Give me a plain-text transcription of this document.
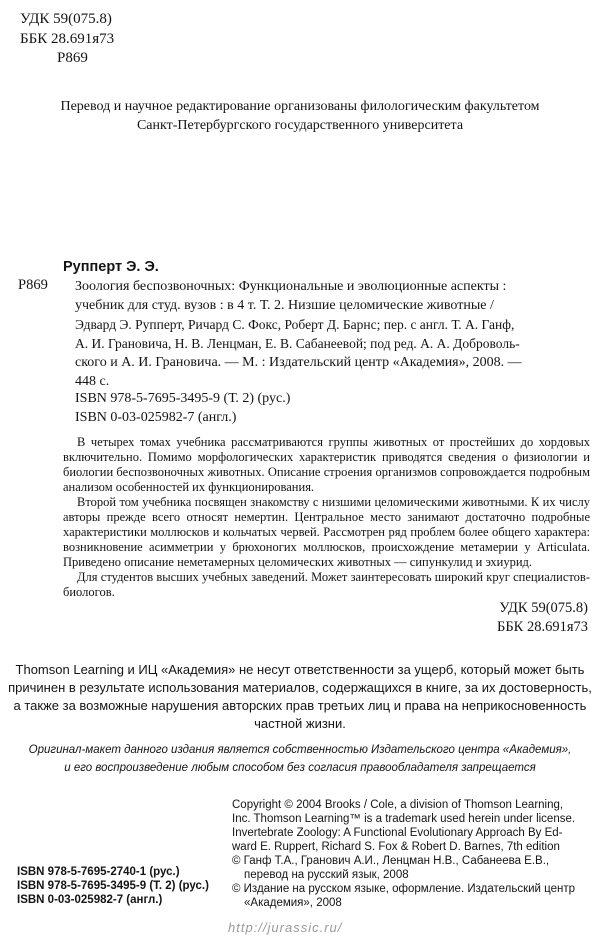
УДК 59(075.8)
ББК 28.691я73
Р869
Перевод и научное редактирование организованы филологическим факультетом
Санкт-Петербургского государственного университета
Рупперт Э. Э.
Р869 Зоология беспозвоночных: Функциональные и эволюционные аспекты :
учебник для студ. вузов : в 4 т. Т. 2. Низшие целомические животные /
Эдвард Э. Рупперт, Ричард С. Фокс, Роберт Д. Барнс; пер. с англ. Т. А. Ганф,
А. И. Грановича, Н. В. Ленцман, Е. В. Сабанеевой; под ред. А. А. Доброволь-
ского и А. И. Грановича. — М. : Издательский центр «Академия», 2008. —
448 с.
ISBN 978-5-7695-3495-9 (Т. 2) (рус.)
ISBN 0-03-025982-7 (англ.)

В четырех томах учебника рассматриваются группы животных от простейших до хордовых включительно. Помимо морфологических характеристик приводятся сведения о физиологии и биологии беспозвоночных животных. Описание строения организмов сопровождается подробным анализом особенностей их функционирования.

Второй том учебника посвящен знакомству с низшими целомическими животными. К их числу авторы прежде всего относят немертин. Центральное место занимают достаточно подробные характеристики моллюсков и кольчатых червей. Рассмотрен ряд проблем более общего характера: возникновение асимметрии у брюхоногих моллюсков, происхождение метамерии у Articulata. Приведено описание неметамерных целомических животных — сипункулид и эхиурид.

Для студентов высших учебных заведений. Может заинтересовать широкий круг специалистов-биологов.

УДК 59(075.8)
ББК 28.691я73
Thomson Learning и ИЦ «Академия» не несут ответственности за ущерб, который может быть
причинен в результате использования материалов, содержащихся в книге, за их достоверность,
а также за возможные нарушения авторских прав третьих лиц и права на неприкосновенность
частной жизни.
Оригинал-макет данного издания является собственностью Издательского центра «Академия»,
и его воспроизведение любым способом без согласия правообладателя запрещается
Copyright © 2004 Brooks / Cole, a division of Thomson Learning,
Inc. Thomson Learning™ is a trademark used herein under license.
Invertebrate Zoology: A Functional Evolutionary Approach By Ed-
ward E. Ruppert, Richard S. Fox & Robert D. Barnes, 7th edition
© Ганф Т.А., Гранович А.И., Ленцман Н.В., Сабанеева Е.В.,
перевод на русский язык, 2008
© Издание на русском языке, оформление. Издательский центр
«Академия», 2008
ISBN 978-5-7695-2740-1 (рус.)
ISBN 978-5-7695-3495-9 (Т. 2) (рус.)
ISBN 0-03-025982-7 (англ.)
http://jurassic.ru/
